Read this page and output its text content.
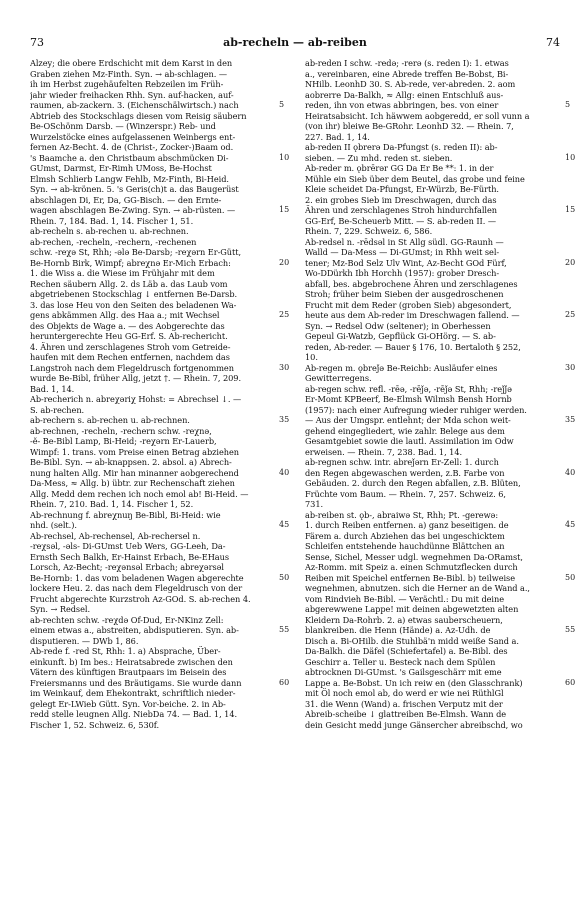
73	ab-recheln — ab-reiben	74
Alzey; die obere Erdschicht mit dem Karst in den
Graben ziehen Mz-Finth. Syn. → ab-schlagen. —
ih im Herbst zugehäufelten Rebzeilen im Früh-
jahr wieder freihacken Rhh. Syn. auf-hacken, auf-
raumen, ab-zackern. 3. (Eichenschälwirtsch.) nach
Abtrieb des Stockschlags diesen vom Reisig säubern
Be-OSchönm Darsb. — (Winzerspr.) Reb- und
Wurzelstöcke eines aufgelassenen Weinbergs ent-
fernen Az-Becht. 4. de (Christ-, Zocker-)Baam od.
's Baamche a. den Christbaum abschmücken Di-
GUmst, Darmst, Er-Rimh UMoss, Be-Hochst
Elmsh Schlierb Langw Fehlb, Mz-Finth, Bi-Heid.
Syn. → ab-krönen. 5. 's Geris(ch)t a. das Baugerüst
abschlagen Di, Er, Da, GG-Bisch. — den Ernte-
wagen abschlagen Be-Zwing. Syn. → ab-rüsten. —
Rhein. 7, 184. Bad. 1, 14. Fischer 1, 51.
ab-recheln s. ab-rechen u. ab-rechnen.
ab-rechen, -recheln, -rechern, -rechenen
schw. -reχə St, Rhh; -ələ Be-Darsb; -reχərn Er-Gütt,
Be-Hornb Birk, Wimpf; abreχnə Er-Mich Erbach:
1. die Wiss a. die Wiese im Frühjahr mit dem
Rechen säubern Allg. 2. ds Läb a. das Laub vom
abgetriebenen Stockschlag ↓ entfernen Be-Darsb.
3. das lose Heu von den Seiten des beladenen Wa-
gens abkämmen Allg. des Haa a.; mit Wechsel
des Objekts de Wage a. — des Aobgerechte das
heruntergerechte Heu GG-Erf. S. Ab-rechericht.
4. Ähren und zerschlagenes Stroh vom Getreide-
haufen mit dem Rechen entfernen, nachdem das
Langstroh nach dem Flegeldrusch fortgenommen
wurde Be-Bibl, früher Allg, jetzt †. — Rhein. 7, 209.
Bad. 1, 14.
Ab-recherich n. abreχəriχ Hohst: = Abrechsel ↓. —
S. ab-rechen.
ab-rechern s. ab-rechen u. ab-rechnen.
ab-rechnen, -recheln, -rechern schw. -reχnə,
-ĕ- Be-Bibl Lamp, Bi-Heid; -reχərn Er-Lauerb,
Wimpf: 1. trans. vom Preise einen Betrag abziehen
Be-Bibl. Syn. → ab-knappsen. 2. absol. a) Abrech-
nung halten Allg. Mir han minanner aobgerechend
Da-Mess, ≈ Allg. b) übtr. zur Rechenschaft ziehen
Allg. Medd dem rechen ich noch emol ab! Bi-Heid. —
Rhein. 7, 210. Bad. 1, 14. Fischer 1, 52.
Ab-rechnung f. abreχnuŋ Be-Bibl, Bi-Heid: wie
nhd. (selt.).
Ab-rechsel, Ab-rechensel, Ab-rechersel n.
-reχsəl, -əls- Di-GUmst Ueb Wers, GG-Leeh, Da-
Ernsth Sech Balkh, Er-Hainst Erbach, Be-EHaus
Lorsch, Az-Becht; -reχənsəl Erbach; abreχərsəl
Be-Hornb: 1. das vom beladenen Wagen abgerechte
lockere Heu. 2. das nach dem Flegeldrusch von der
Frucht abgerechte Kurzstroh Az-GOd. S. ab-rechen 4.
Syn. → Redsel.
ab-rechten schw. -reχdə Of-Dud, Er-NKinz Zell:
einem etwas a., abstreiten, abdisputieren. Syn. ab-
disputieren. — DWb 1, 86.
Ab-rede f. -red St, Rhh: 1. a) Absprache, Über-
einkunft. b) Im bes.: Heiratsabrede zwischen den
Vätern des künftigen Brautpaars im Beisein des
Freiersmanns und des Bräutigams. Sie wurde dann
im Weinkauf, dem Ehekontrakt, schriftlich nieder-
gelegt Er-LWieb Gütt. Syn. Vor-beiche. 2. in Ab-
redd stelle leugnen Allg. NiebDa 74. — Bad. 1, 14.
Fischer 1, 52. Schweiz. 6, 530f.
ab-reden I schw. -redə; -rerə (s. reden I): 1. etwas
a., vereinbaren, eine Abrede treffen Be-Bobst, Bi-
NHilb. LeonhD 30. S. Ab-rede, ver-abreden. 2. aom
aobrerre Da-Balkh, ≈ Allg: einen Entschluß aus-
reden, ihn von etwas abbringen, bes. von einer
Heiratsabsicht. Ich häwwem aobgeredd, er soll vunn a
(von ihr) bleiwe Be-GRohr. LeonhD 32. — Rhein. 7,
227. Bad. 1, 14.
ab-reden II ǫbrerə Da-Pfungst (s. reden II): ab-
sieben. — Zu mhd. reden st. sieben.
Ab-reder m. ǫbrērər GG Da Er Be **: 1. in der
Mühle ein Sieb über dem Beutel, das grobe und feine
Kleie scheidet Da-Pfungst, Er-Würzb, Be-Fürth.
2. ein grobes Sieb im Dreschwagen, durch das
Ähren und zerschlagenes Stroh hindurchfallen
GG-Erf, Be-Scheuerb Mitt. — S. ab-reden II. —
Rhein. 7, 229. Schweiz. 6, 586.
Ab-redsel n. -rēdsəl in St Allg südl. GG-Raunh —
Walld — Da-Mess — Di-GUmst; in Rhh weit sel-
tener; Mz-Bod Selz Ulv Wint, Az-Becht GOd Fürf,
Wo-DDürkh Ibh Horchh (1957): grober Dresch-
abfall, bes. abgebrochene Ähren und zerschlagenes
Stroh; früher beim Sieben der ausgedroschenen
Frucht mit dem Reder (groben Sieb) abgesondert,
heute aus dem Ab-reder im Dreschwagen fallend. —
Syn. → Redsel Odw (seltener); in Oberhessen
Gepeul Gi-Watzb, Gepflück Gi-OHörg. — S. ab-
reden, Ab-reder. — Bauer § 176, 10. Bertaloth § 252,
10.
Ab-regen m. ǫbreǰə Be-Reichb: Ausläufer eines
Gewitterregens.
ab-regen schw. refl. -rēə, -rēǰə, -rēǰə St, Rhh; -reǰǰə
Er-Momt KPBeerf, Be-Elmsh Wilmsh Bensh Hornb
(1957): nach einer Aufregung wieder ruhiger werden.
— Aus der Umgspr. entlehnt; der Mda schon weit-
gehend eingegliedert, wie zahlr. Belege aus dem
Gesamtgebiet sowie die lautl. Assimilation im Odw
erweisen. — Rhein. 7, 238. Bad. 1, 14.
ab-regnen schw. intr. abreǰərn Er-Zell: 1. durch
den Regen abgewaschen werden, z.B. Farbe von
Gebäuden. 2. durch den Regen abfallen, z.B. Blüten,
Früchte vom Baum. — Rhein. 7, 257. Schweiz. 6,
731.
ab-reiben st. ǫb-, abraiwə St, Rhh; Pt. -gerewə:
1. durch Reiben entfernen. a) ganz beseitigen. de
Färem a. durch Abziehen das bei ungeschicktem
Schleifen entstehende hauchdünne Blättchen an
Sense, Sichel, Messer udgl. wegnehmen Da-ORamst,
Az-Romm. mit Speiz a. einen Schmutzflecken durch
Reiben mit Speichel entfernen Be-Bibl. b) teilweise
wegnehmen, abnutzen. sich die Herner an de Wand a.,
vom Rindvieh Be-Bibl. — Verächtl.: Du mit deine
abgerewwene Lappe! mit deinen abgewetzten alten
Kleidern Da-Rohrb. 2. a) etwas sauberscheuern,
blankreiben. die Henn (Hände) a. Az-Udh. de
Disch a. Bi-OHilb. die Stuhlbä'n midd weiße Sand a.
Da-Balkh. die Däfel (Schiefertafel) a. Be-Bibl. des
Geschirr a. Teller u. Besteck nach dem Spülen
abtrocknen Di-GUmst. 's Gailsgeschärr mit eme
Lappe a. Be-Bobst. Un ich reiw en (den Glasschrank)
mit Öl noch emol ab, do werd er wie nei RüthlGl
31. die Wenn (Wand) a. frischen Verputz mit der
Abreib-scheibe ↓ glattreiben Be-Elmsh. Wann de
dein Gesicht medd junge Gänsercher abreibschd, wo
5
10
15
20
25
30
35
40
45
50
55
60
5
10
15
20
25
30
35
40
45
50
55
60
